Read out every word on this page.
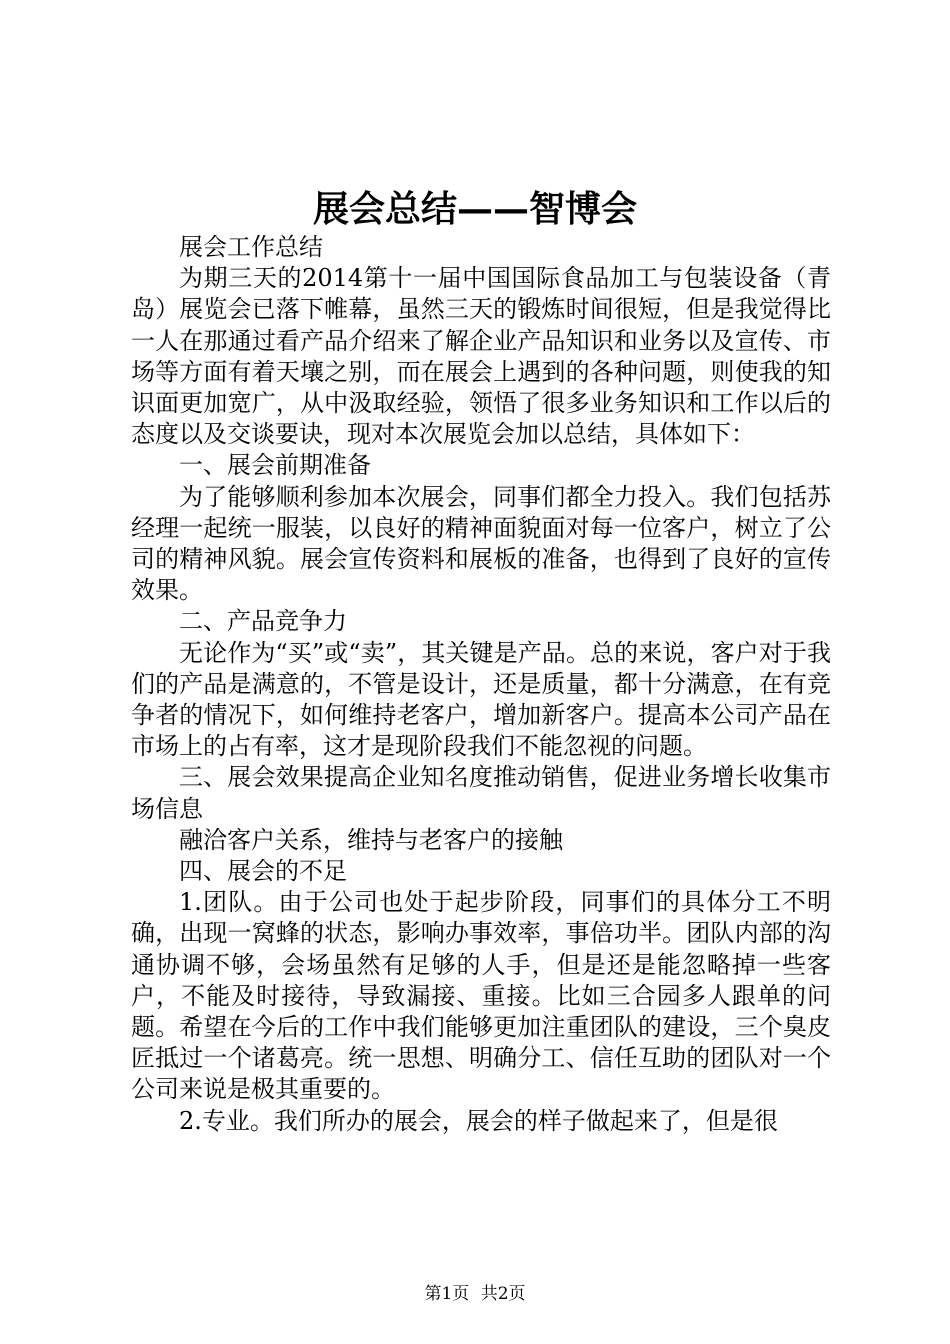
展会总结——智博会

展会工作总结

为期三天的2014第十一届中国国际食品加工与包装设备（青岛）展览会已落下帷幕，虽然三天的锻炼时间很短，但是我觉得比一人在那通过看产品介绍来了解企业产品知识和业务以及宣传、市场等方面有着天壤之别，而在展会上遇到的各种问题，则使我的知识面更加宽广，从中汲取经验，领悟了很多业务知识和工作以后的态度以及交谈要诀，现对本次展览会加以总结，具体如下：

一、展会前期准备

为了能够顺利参加本次展会，同事们都全力投入。我们包括苏经理一起统一服装，以良好的精神面貌面对每一位客户，树立了公司的精神风貌。展会宣传资料和展板的准备，也得到了良好的宣传效果。

二、产品竞争力

无论作为“买”或“卖”，其关键是产品。总的来说，客户对于我们的产品是满意的，不管是设计，还是质量，都十分满意，在有竞争者的情况下，如何维持老客户，增加新客户。提高本公司产品在市场上的占有率，这才是现阶段我们不能忽视的问题。

三、展会效果提高企业知名度推动销售，促进业务增长收集市场信息

融洽客户关系，维持与老客户的接触

四、展会的不足

1.团队。由于公司也处于起步阶段，同事们的具体分工不明确，出现一窝蜂的状态，影响办事效率，事倍功半。团队内部的沟通协调不够，会场虽然有足够的人手，但是还是能忽略掉一些客户，不能及时接待，导致漏接、重接。比如三合园多人跟单的问题。希望在今后的工作中我们能够更加注重团队的建设，三个臭皮匠抵过一个诸葛亮。统一思想、明确分工、信任互助的团队对一个公司来说是极其重要的。

2.专业。我们所办的展会，展会的样子做起来了，但是很

第1页 共2页
